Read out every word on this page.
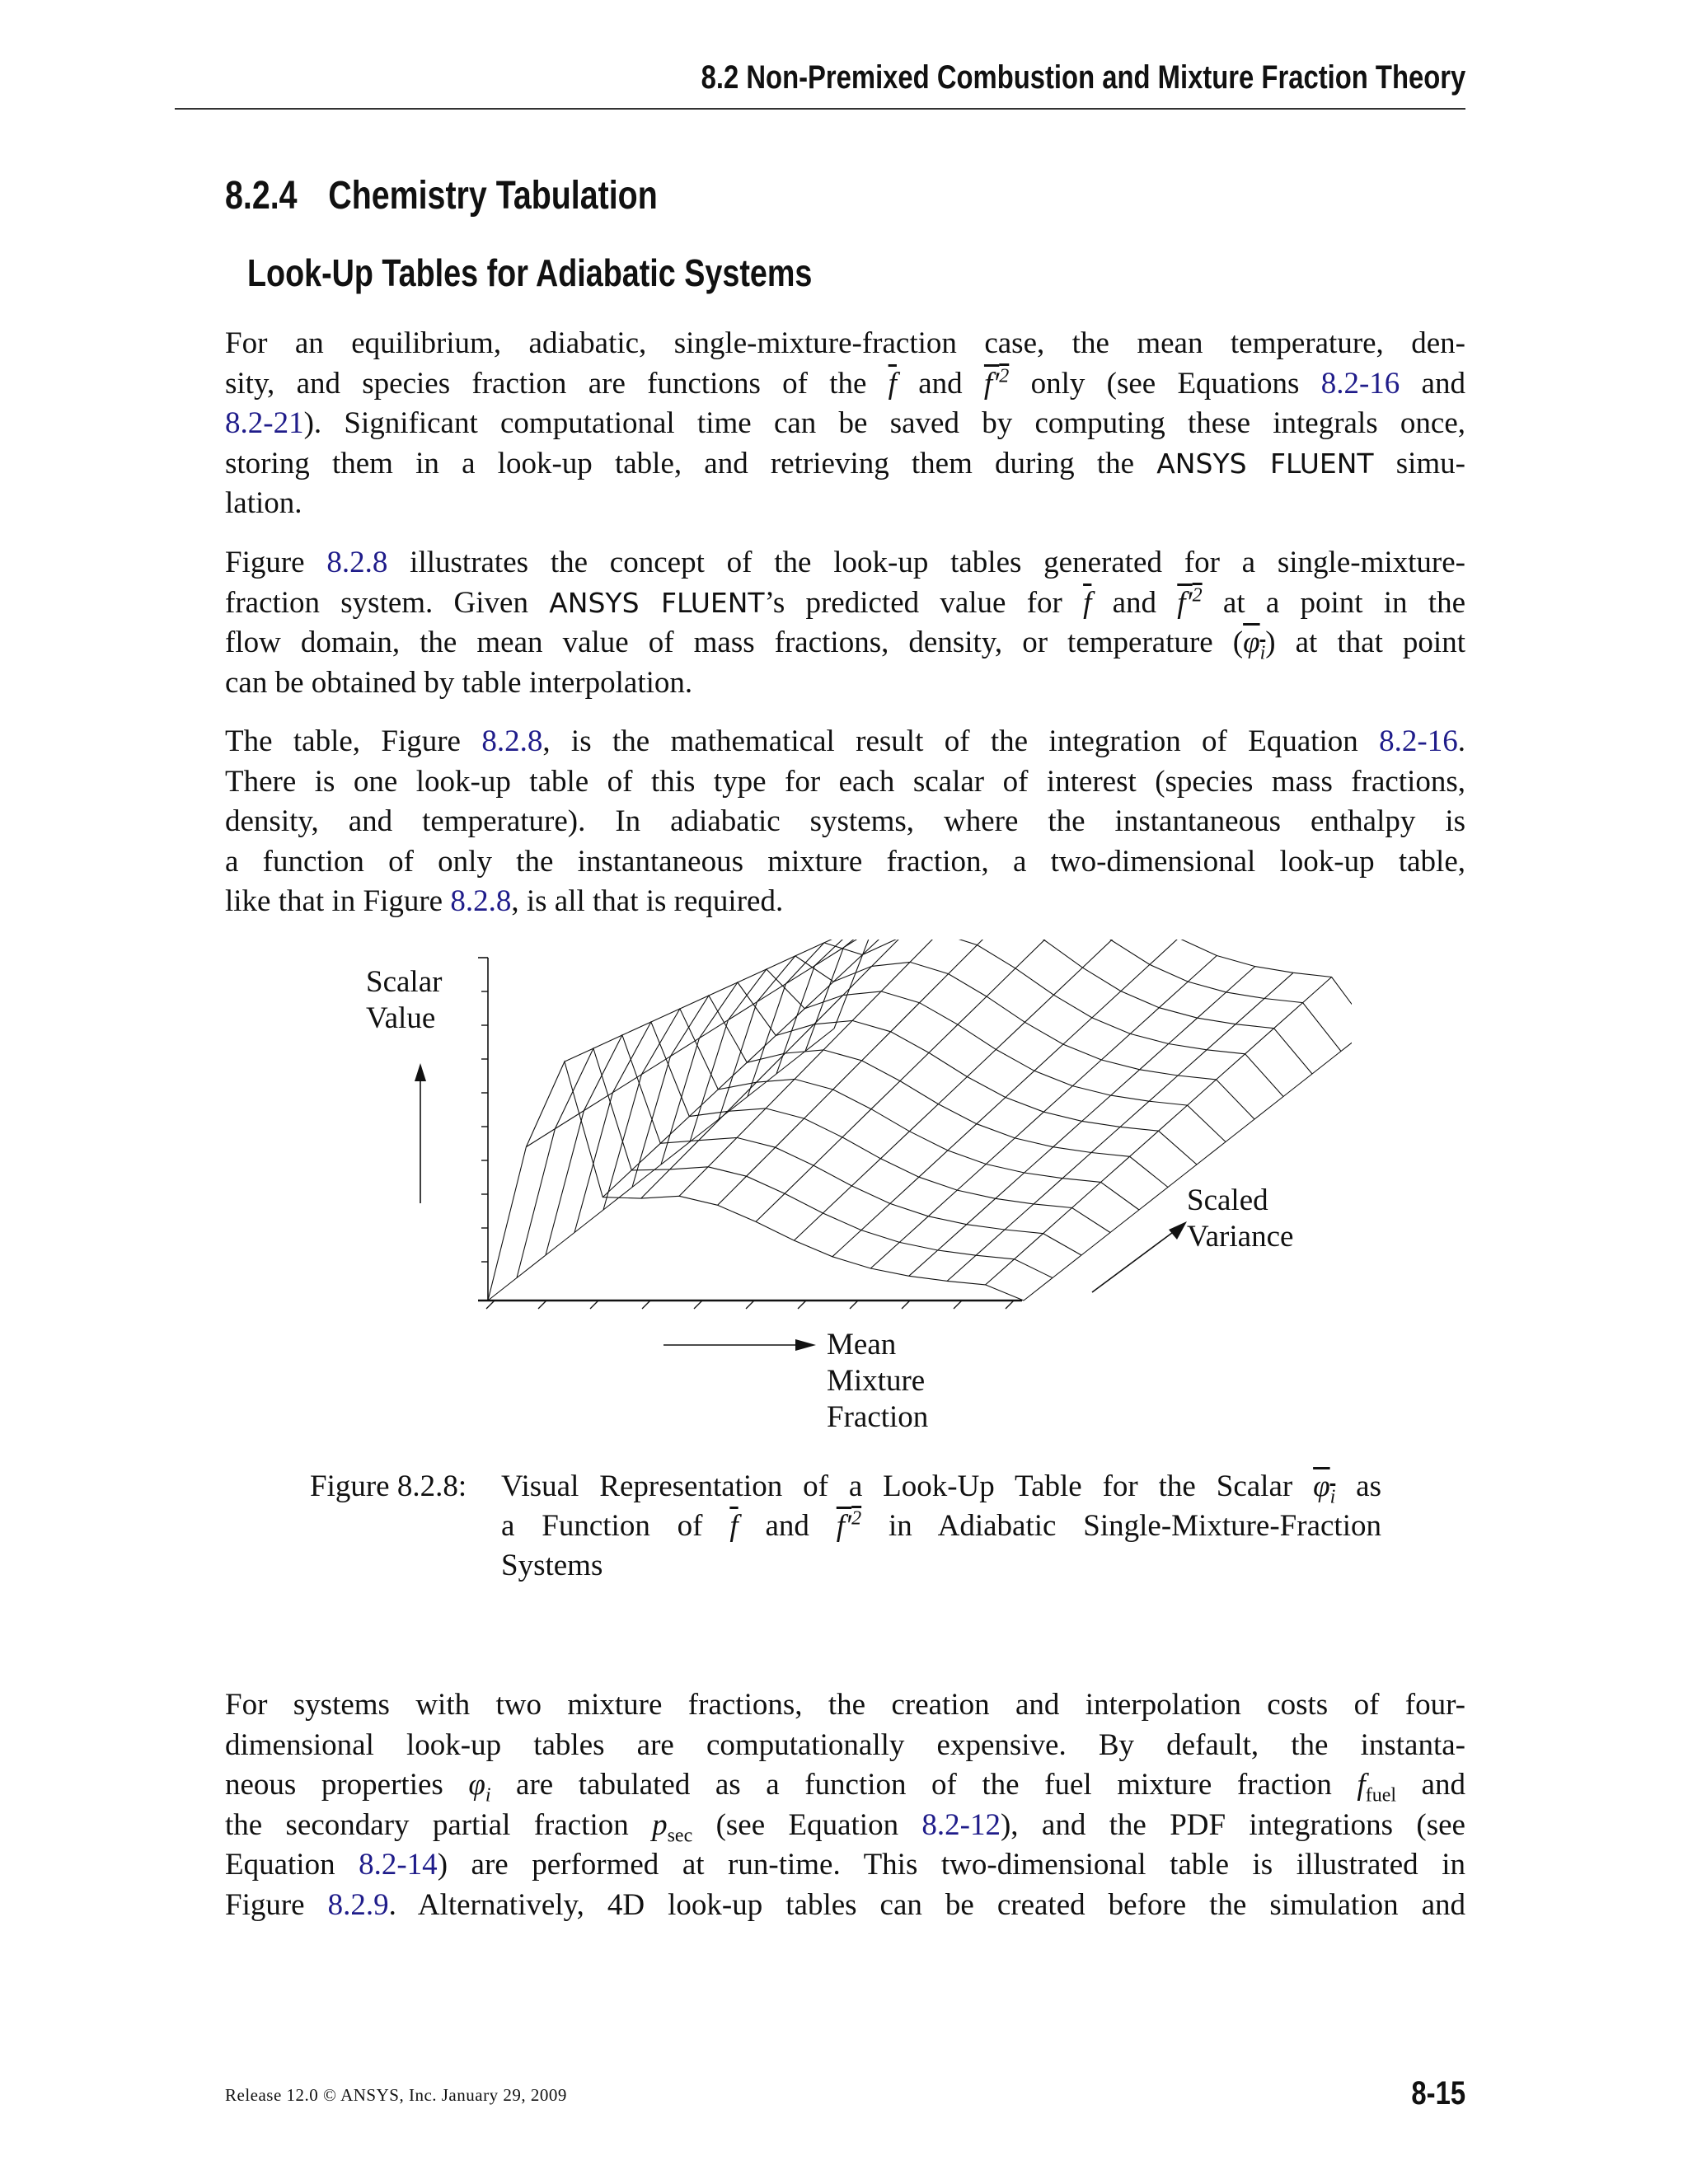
8.2 Non-Premixed Combustion and Mixture Fraction Theory
8.2.4 Chemistry Tabulation
Look-Up Tables for Adiabatic Systems
For an equilibrium, adiabatic, single-mixture-fraction case, the mean temperature, den-
sity, and species fraction are functions of the $\overline{f}$ and $f'^2$ only (see Equations 8.2-16 and
8.2-21). Significant computational time can be saved by computing these integrals once,
storing them in a look-up table, and retrieving them during the ANSYS FLUENT simu-
lation.
Figure 8.2.8 illustrates the concept of the look-up tables generated for a single-mixture-
fraction system. Given ANSYS FLUENT’s predicted value for $\overline{f}$ and $f'^2$ at a point in the
flow domain, the mean value of mass fractions, density, or temperature $(\varphi_i)$ at that point
can be obtained by table interpolation.
The table, Figure 8.2.8, is the mathematical result of the integration of Equation 8.2-16.
There is one look-up table of this type for each scalar of interest (species mass fractions,
density, and temperature). In adiabatic systems, where the instantaneous enthalpy is
a function of only the instantaneous mixture fraction, a two-dimensional look-up table,
like that in Figure 8.2.8, is all that is required.
Scalar
Value
Mean
Mixture
Fraction
Scaled
Variance
Figure 8.2.8: Visual Representation of a Look-Up Table for the Scalar $\varphi_i$ as
a Function of $\overline{f}$ and $f'^2$ in Adiabatic Single-Mixture-Fraction
Systems
For systems with two mixture fractions, the creation and interpolation costs of four-
dimensional look-up tables are computationally expensive. By default, the instanta-
neous properties $\varphi_i$ are tabulated as a function of the fuel mixture fraction $f_{fuel}$ and
the secondary partial fraction $p_{sec}$ (see Equation 8.2-12), and the PDF integrations (see
Equation 8.2-14) are performed at run-time. This two-dimensional table is illustrated in
Figure 8.2.9. Alternatively, 4D look-up tables can be created before the simulation and
Release 12.0 © ANSYS, Inc. January 29, 2009	8-15
